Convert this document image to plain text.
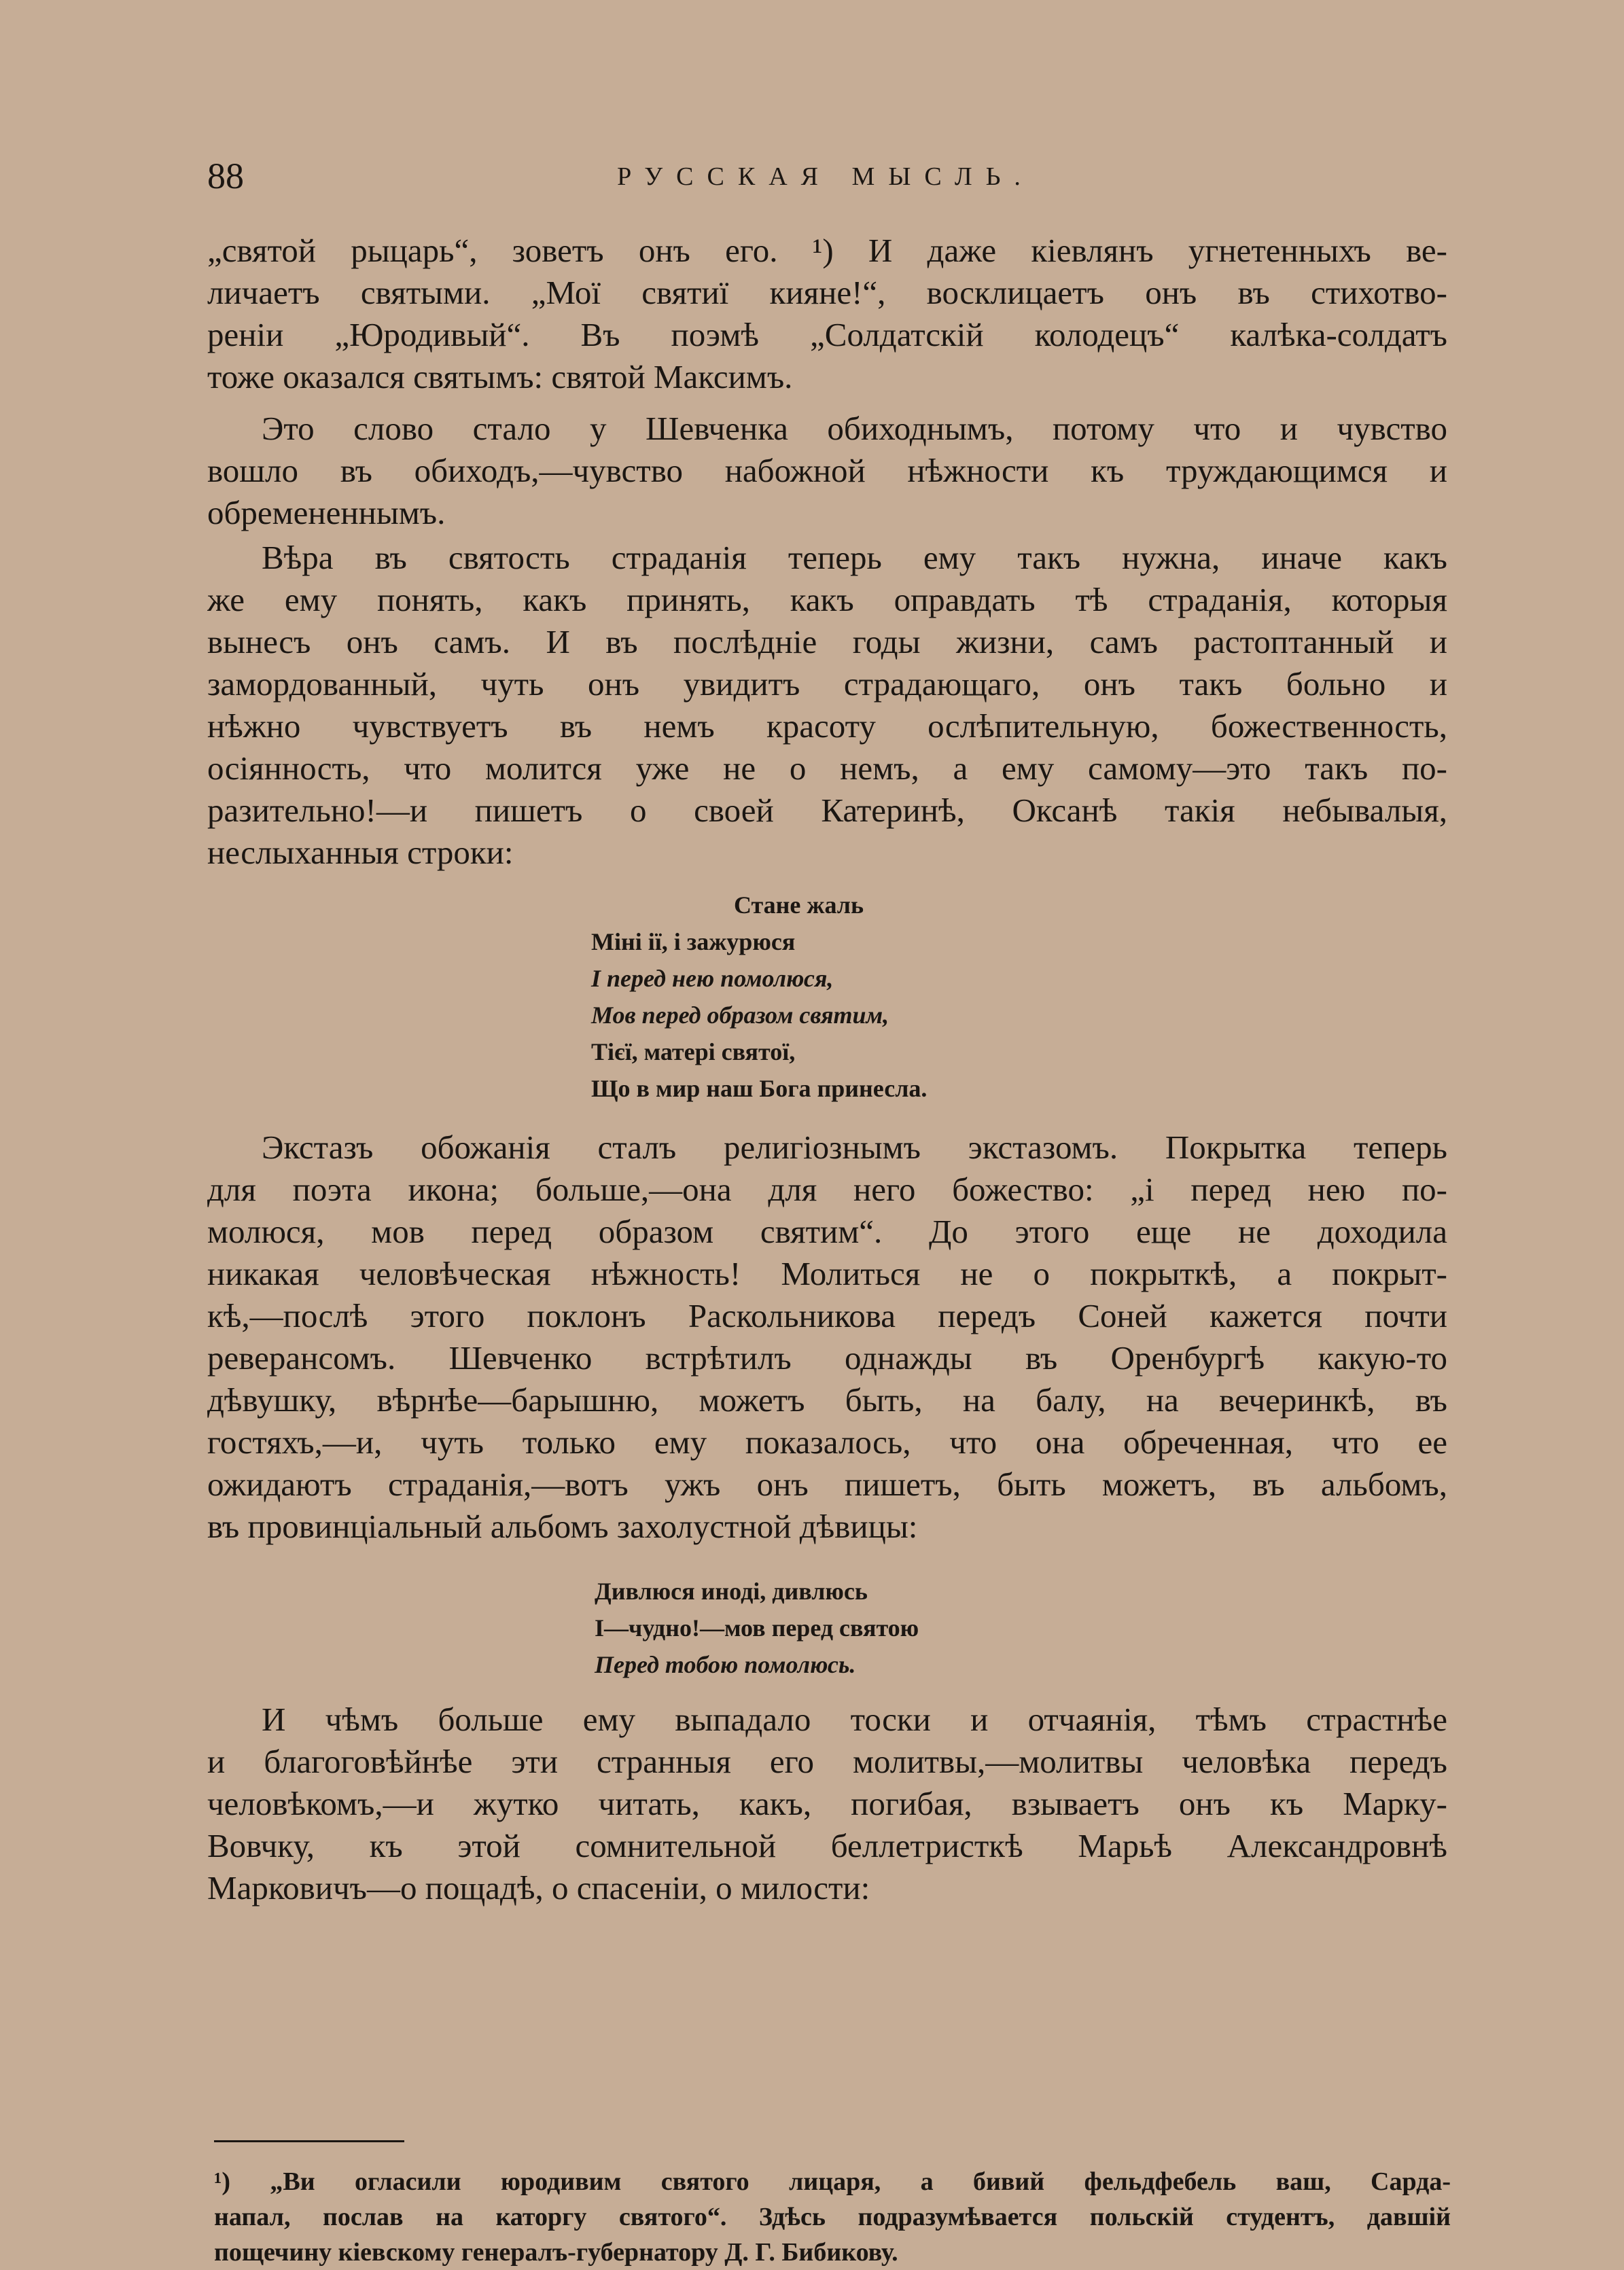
88	РУССКАЯ МЫСЛЬ.
„святой рыцарь“, зоветъ онъ его. ¹) И даже кіевлянъ угнетенныхъ ве-
личаетъ святыми. „Мої святиї кияне!“, восклицаетъ онъ въ стихотво-
реніи „Юродивый“. Въ поэмѣ „Солдатскій колодецъ“ калѣка-солдатъ
тоже оказался святымъ: святой Максимъ.
Это слово стало у Шевченка обиходнымъ, потому что и чувство
вошло въ обиходъ,—чувство набожной нѣжности къ труждающимся и
обремененнымъ.
Вѣра въ святость страданія теперь ему такъ нужна, иначе какъ
же ему понять, какъ принять, какъ оправдать тѣ страданія, которыя
вынесъ онъ самъ. И въ послѣдніе годы жизни, самъ растоптанный и
замордованный, чуть онъ увидитъ страдающаго, онъ такъ больно и
нѣжно чувствуетъ въ немъ красоту ослѣпительную, божественность,
осіянность, что молится уже не о немъ, а ему самому—это такъ по-
разительно!—и пишетъ о своей Катеринѣ, Оксанѣ такія небывалыя,
неслыханныя строки:
Стане жаль
Міні ії, і зажурюся
І перед нею помолюся,
Мов перед образом святим,
Тієї, матері святої,
Що в мир наш Бога принесла.
Экстазъ обожанія сталъ религіознымъ экстазомъ. Покрытка теперь
для поэта икона; больше,—она для него божество: „і перед нею по-
молюся, мов перед образом святим“. До этого еще не доходила
никакая человѣческая нѣжность! Молиться не о покрыткѣ, а покрыт-
кѣ,—послѣ этого поклонъ Раскольникова передъ Соней кажется почти
реверансомъ. Шевченко встрѣтилъ однажды въ Оренбургѣ какую-то
дѣвушку, вѣрнѣе—барышню, можетъ быть, на балу, на вечеринкѣ, въ
гостяхъ,—и, чуть только ему показалось, что она обреченная, что ее
ожидаютъ страданія,—вотъ ужъ онъ пишетъ, быть можетъ, въ альбомъ,
въ провинціальный альбомъ захолустной дѣвицы:
Дивлюся иноді, дивлюсь
І—чудно!—мов перед святою
Перед тобою помолюсь.
И чѣмъ больше ему выпадало тоски и отчаянія, тѣмъ страстнѣе
и благоговѣйнѣе эти странныя его молитвы,—молитвы человѣка передъ
человѣкомъ,—и жутко читать, какъ, погибая, взываетъ онъ къ Марку-
Вовчку, къ этой сомнительной беллетристкѣ Марьѣ Александровнѣ
Марковичъ—о пощадѣ, о спасеніи, о милости:
¹) „Ви огласили юродивим святого лицаря, а бивий фельдфебель ваш, Сарда-
напал, послав на каторгу святого“. Здѣсь подразумѣвается польскій студентъ, давшій
пощечину кіевскому генералъ-губернатору Д. Г. Бибикову.
